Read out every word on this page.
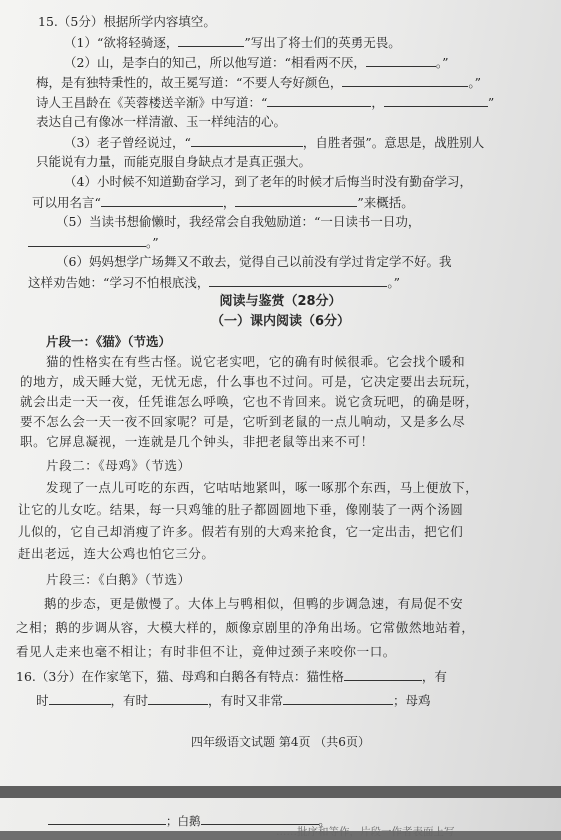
15.（5分）根据所学内容填空。
（1）“欲将轻骑逐，	”写出了将士们的英勇无畏。
（2）山，是李白的知己，所以他写道：“相看两不厌，	。”
梅，是有独特秉性的，故王冕写道：“不要人夸好颜色，	。”
诗人王昌龄在《芙蓉楼送辛渐》中写道：“	，	”
表达自己有像冰一样清澈、玉一样纯洁的心。
（3）老子曾经说过，“	，自胜者强”。意思是，战胜别人
只能说有力量，而能克服自身缺点才是真正强大。
（4）小时候不知道勤奋学习，到了老年的时候才后悔当时没有勤奋学习，
可以用名言“	，	”来概括。
（5）当读书想偷懒时，我经常会自我勉励道：“一日读书一日功，
。”
（6）妈妈想学广场舞又不敢去，觉得自己以前没有学过肯定学不好。我
这样劝告她：“学习不怕根底浅，	。”
阅读与鉴赏（28分）
（一）课内阅读（6分）
片段一：《猫》（节选）
猫的性格实在有些古怪。说它老实吧，它的确有时候很乖。它会找个暖和
的地方，成天睡大觉，无忧无虑，什么事也不过问。可是，它决定要出去玩玩，
就会出走一天一夜，任凭谁怎么呼唤，它也不肯回来。说它贪玩吧，的确是呀，
要不怎么会一天一夜不回家呢？可是，它听到老鼠的一点儿响动，又是多么尽
职。它屏息凝视，一连就是几个钟头，非把老鼠等出来不可！
片段二：《母鸡》（节选）
发现了一点儿可吃的东西，它咕咕地紧叫，啄一啄那个东西，马上便放下，
让它的儿女吃。结果，每一只鸡雏的肚子都圆圆地下垂，像刚装了一两个汤圆
儿似的，它自己却消瘦了许多。假若有别的大鸡来抢食，它一定出击，把它们
赶出老远，连大公鸡也怕它三分。
片段三：《白鹅》（节选）
鹅的步态，更是傲慢了。大体上与鸭相似，但鸭的步调急速，有局促不安
之相；鹅的步调从容，大模大样的，颇像京剧里的净角出场。它常傲然地站着，
看见人走来也毫不相让；有时非但不让，竟伸过颈子来咬你一口。
16.（3分）在作家笔下，猫、母鸡和白鹅各有特点：猫性格	，有
时	，有时	，有时又非常	；母鸡
四年级语文试题 第4页 （共6页）
；白鹅	。
……批序和等作，片段一作者表面上写
